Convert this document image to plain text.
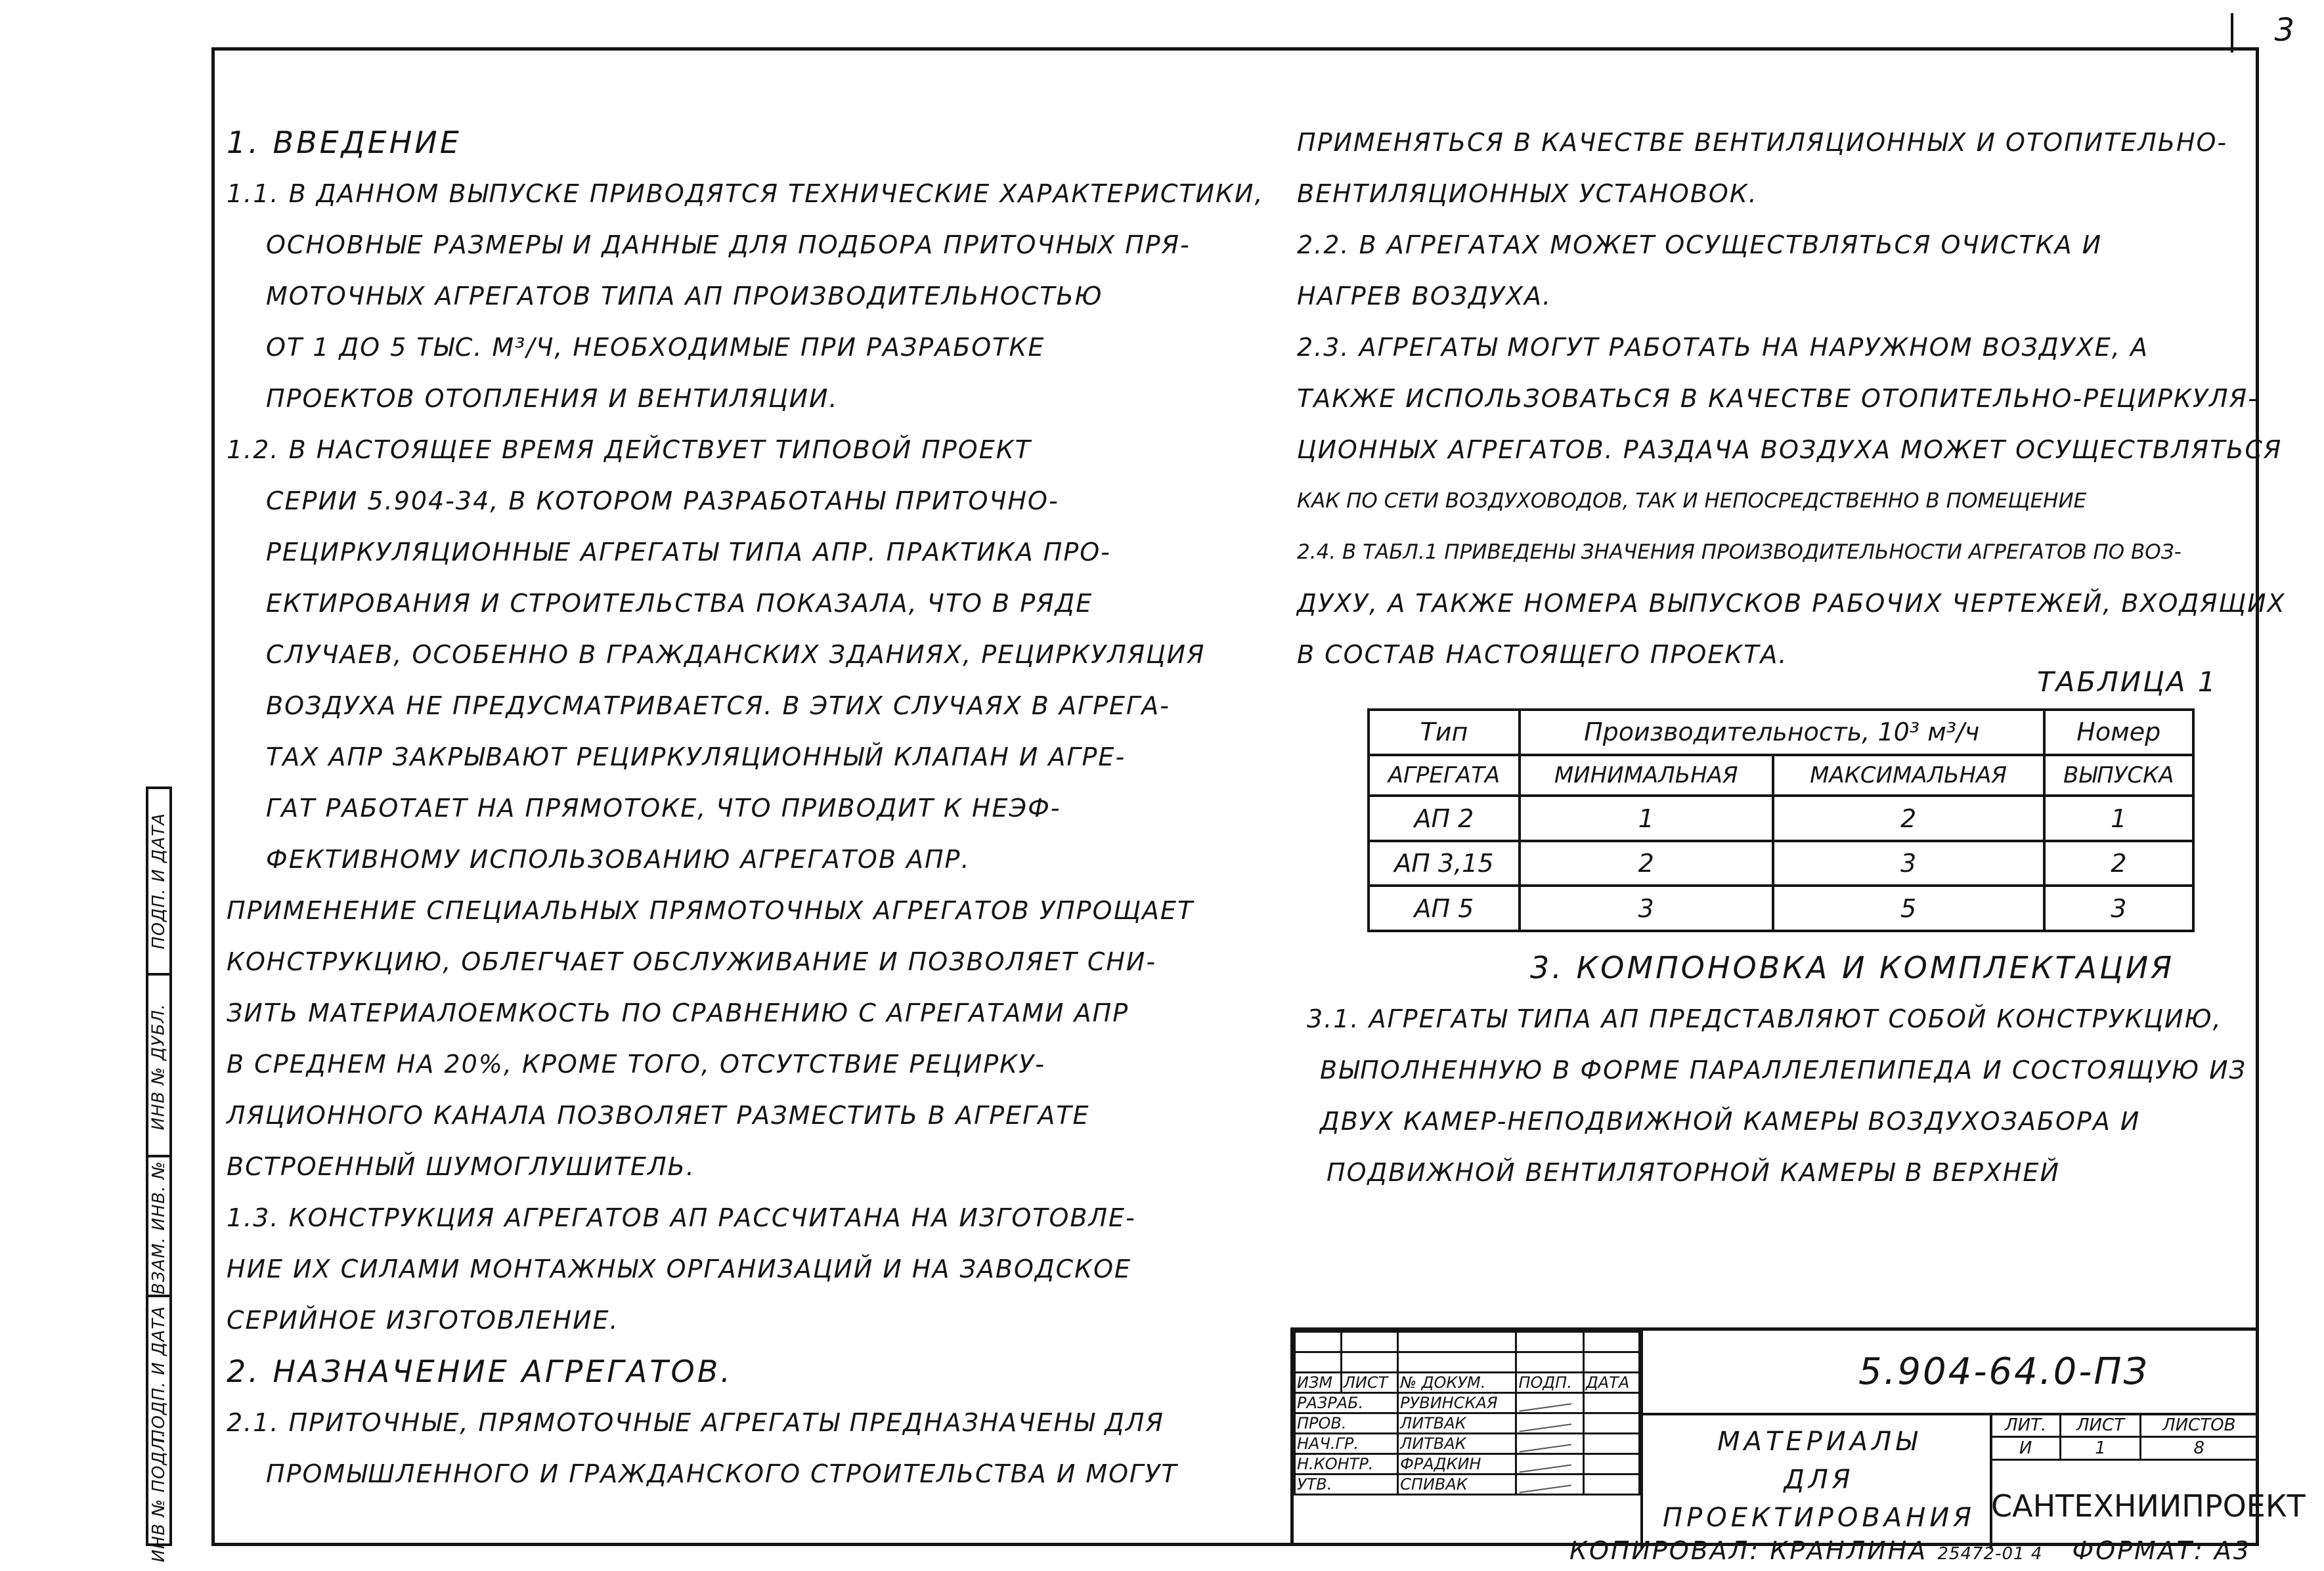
3

1. ВВЕДЕНИЕ

1.1. В ДАННОМ ВЫПУСКЕ ПРИВОДЯТСЯ ТЕХНИЧЕСКИЕ ХАРАКТЕРИСТИКИ,

ОСНОВНЫЕ РАЗМЕРЫ И ДАННЫЕ ДЛЯ ПОДБОРА ПРИТОЧНЫХ ПРЯ-

МОТОЧНЫХ АГРЕГАТОВ ТИПА АП ПРОИЗВОДИТЕЛЬНОСТЬЮ

ОТ 1 ДО 5 ТЫС. М³/Ч, НЕОБХОДИМЫЕ ПРИ РАЗРАБОТКЕ

ПРОЕКТОВ ОТОПЛЕНИЯ И ВЕНТИЛЯЦИИ.

1.2. В НАСТОЯЩЕЕ ВРЕМЯ ДЕЙСТВУЕТ ТИПОВОЙ ПРОЕКТ

СЕРИИ 5.904-34, В КОТОРОМ РАЗРАБОТАНЫ ПРИТОЧНО-

РЕЦИРКУЛЯЦИОННЫЕ АГРЕГАТЫ ТИПА АПР. ПРАКТИКА ПРО-

ЕКТИРОВАНИЯ И СТРОИТЕЛЬСТВА ПОКАЗАЛА, ЧТО В РЯДЕ

СЛУЧАЕВ, ОСОБЕННО В ГРАЖДАНСКИХ ЗДАНИЯХ, РЕЦИРКУЛЯЦИЯ

ВОЗДУХА НЕ ПРЕДУСМАТРИВАЕТСЯ. В ЭТИХ СЛУЧАЯХ В АГРЕГА-

ТАХ АПР ЗАКРЫВАЮТ РЕЦИРКУЛЯЦИОННЫЙ КЛАПАН И АГРЕ-

ГАТ РАБОТАЕТ НА ПРЯМОТОКЕ, ЧТО ПРИВОДИТ К НЕЭФ-

ФЕКТИВНОМУ ИСПОЛЬЗОВАНИЮ АГРЕГАТОВ АПР.

ПРИМЕНЕНИЕ СПЕЦИАЛЬНЫХ ПРЯМОТОЧНЫХ АГРЕГАТОВ УПРОЩАЕТ

КОНСТРУКЦИЮ, ОБЛЕГЧАЕТ ОБСЛУЖИВАНИЕ И ПОЗВОЛЯЕТ СНИ-

ЗИТЬ МАТЕРИАЛОЕМКОСТЬ ПО СРАВНЕНИЮ С АГРЕГАТАМИ АПР

В СРЕДНЕМ НА 20%, КРОМЕ ТОГО, ОТСУТСТВИЕ РЕЦИРКУ-

ЛЯЦИОННОГО КАНАЛА ПОЗВОЛЯЕТ РАЗМЕСТИТЬ В АГРЕГАТЕ

ВСТРОЕННЫЙ ШУМОГЛУШИТЕЛЬ.

1.3. КОНСТРУКЦИЯ АГРЕГАТОВ АП РАССЧИТАНА НА ИЗГОТОВЛЕ-

НИЕ ИХ СИЛАМИ МОНТАЖНЫХ ОРГАНИЗАЦИЙ И НА ЗАВОДСКОЕ

СЕРИЙНОЕ ИЗГОТОВЛЕНИЕ.

2. НАЗНАЧЕНИЕ АГРЕГАТОВ.

2.1. ПРИТОЧНЫЕ, ПРЯМОТОЧНЫЕ АГРЕГАТЫ ПРЕДНАЗНАЧЕНЫ ДЛЯ

ПРОМЫШЛЕННОГО И ГРАЖДАНСКОГО СТРОИТЕЛЬСТВА И МОГУТ

ПРИМЕНЯТЬСЯ В КАЧЕСТВЕ ВЕНТИЛЯЦИОННЫХ И ОТОПИТЕЛЬНО-

ВЕНТИЛЯЦИОННЫХ УСТАНОВОК.

2.2. В АГРЕГАТАХ МОЖЕТ ОСУЩЕСТВЛЯТЬСЯ ОЧИСТКА И

НАГРЕВ ВОЗДУХА.

2.3. АГРЕГАТЫ МОГУТ РАБОТАТЬ НА НАРУЖНОМ ВОЗДУХЕ, А

ТАКЖЕ ИСПОЛЬЗОВАТЬСЯ В КАЧЕСТВЕ ОТОПИТЕЛЬНО-РЕЦИРКУЛЯ-

ЦИОННЫХ АГРЕГАТОВ. РАЗДАЧА ВОЗДУХА МОЖЕТ ОСУЩЕСТВЛЯТЬСЯ

КАК ПО СЕТИ ВОЗДУХОВОДОВ, ТАК И НЕПОСРЕДСТВЕННО В ПОМЕЩЕНИЕ

2.4. В ТАБЛ.1 ПРИВЕДЕНЫ ЗНАЧЕНИЯ ПРОИЗВОДИТЕЛЬНОСТИ АГРЕГАТОВ ПО ВОЗ-

ДУХУ, А ТАКЖЕ НОМЕРА ВЫПУСКОВ РАБОЧИХ ЧЕРТЕЖЕЙ, ВХОДЯЩИХ

В СОСТАВ НАСТОЯЩЕГО ПРОЕКТА.

ТАБЛИЦА 1
Тип	Производительность, 10³ м³/ч		Номер
АГРЕГАТА	МИНИМАЛЬНАЯ	МАКСИМАЛЬНАЯ	ВЫПУСКА
АП 2	1	2	1
АП 3,15	2	3	2
АП 5	3	5	3

3. КОМПОНОВКА И КОМПЛЕКТАЦИЯ

3.1. АГРЕГАТЫ ТИПА АП ПРЕДСТАВЛЯЮТ СОБОЙ КОНСТРУКЦИЮ,

ВЫПОЛНЕННУЮ В ФОРМЕ ПАРАЛЛЕЛЕПИПЕДА И СОСТОЯЩУЮ ИЗ

ДВУХ КАМЕР-НЕПОДВИЖНОЙ КАМЕРЫ ВОЗДУХОЗАБОРА И

ПОДВИЖНОЙ ВЕНТИЛЯТОРНОЙ КАМЕРЫ В ВЕРХНЕЙ

ИНВ № ПОДЛ.
ПОДП. И ДАТА
ВЗАМ. ИНВ. №
ИНВ № ДУБЛ.
ПОДП. И ДАТА

ИЗМ	ЛИСТ	№ ДОКУМ.	ПОДП.	ДАТА
РАЗРАБ.		РУВИНСКАЯ		
ПРОВ.		ЛИТВАК		
НАЧ.ГР.		ЛИТВАК		
Н.КОНТР.		ФРАДКИН		
УТВ.		СПИВАК		
5.904-64.0-ПЗ
МАТЕРИАЛЫ
ДЛЯ
ПРОЕКТИРОВАНИЯ
ЛИТ.	ЛИСТ	ЛИСТОВ
И	1	8
САНТЕХНИИПРОЕКТ
КОПИРОВАЛ: КРАНЛИНА 25472-01 4 ФОРМАТ: А3
